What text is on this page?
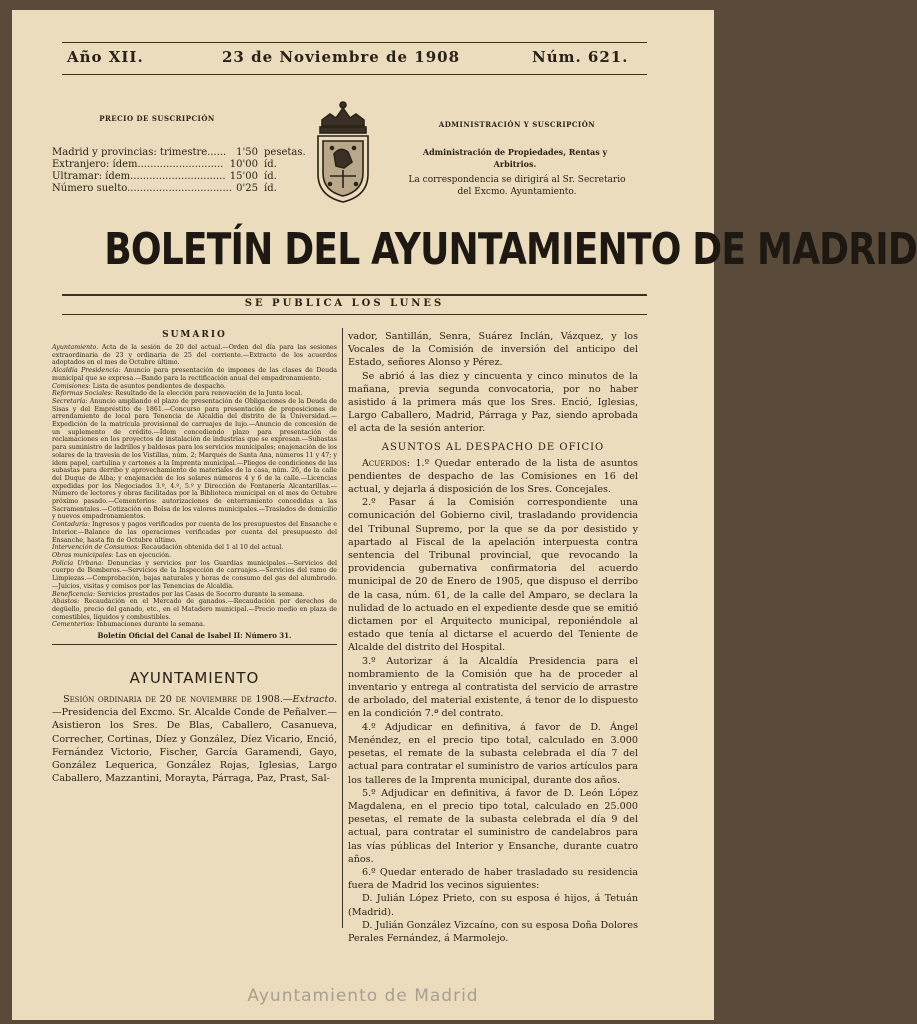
Año XII.	23 de Noviembre de 1908	Núm. 621.
PRECIO DE SUSCRIPCIÓN
Madrid y provincias: trimestre...... 1'50 pesetas.
Extranjero: ídem........................... 10'00 íd.
Ultramar: ídem.............................. 15'00 íd.
Número suelto................................. 0'25 íd.
ADMINISTRACIÓN Y SUSCRIPCIÓN
Administración de Propiedades, Rentas y Arbitrios.
La correspondencia se dirigirá al Sr. Secretario
del Excmo. Ayuntamiento.
BOLETÍN DEL AYUNTAMIENTO DE MADRID
SE PUBLICA LOS LUNES
SUMARIO

Ayuntamiento. Acta de la sesión de 20 del actual.—Orden del día para las sesiones extraordinaria de 23 y ordinaria de 25 del corriente.—Extracto de los acuerdos adoptados en el mes de Octubre último.

Alcaldía Presidencia: Anuncio para presentación de impones de las clases de Deuda municipal que se expresa.—Bando para la rectificación anual del empadronamiento.

Comisiones: Lista de asuntos pendientes de despacho.

Reformas Sociales: Resultado de la elección para renovación de la Junta local.

Secretaría: Anuncio ampliando el plazo de presentación de Obligaciones de la Deuda de Sisas y del Empréstito de 1861.—Concurso para presentación de proposiciones de arrendamiento de local para Tenencia de Alcaldía del distrito de la Universidad.—Expedición de la matrícula provisional de carruajes de lujo.—Anuncio de concesión de un suplemento de crédito.—Ídem concediendo plazo para presentación de reclamaciones en los proyectos de instalación de industrias que se expresan.—Subastas para suministro de ladrillos y baldosas para los servicios municipales; enajenación de los solares de la travesía de los Vistillas, núm. 2; Marqués de Santa Ana, números 11 y 47; y ídem papel, cartulina y cartones a la Imprenta municipal.—Pliegos de condiciones de las subastas para derribo y aprovechamiento de materiales de la casa, núm. 26, de la calle del Duque de Alba; y enajenación de los solares números 4 y 6 de la calle.—Licencias expedidas por los Negociados 3.º, 4.º, 5.º y Dirección de Fontanería Alcantarillas.—Número de lectores y obras facilitadas por la Biblioteca municipal en el mes de Octubre próximo pasado.—Cementerios: autorizaciones de enterramiento concedidas a las Sacramentales.—Cotización en Bolsa de los valores municipales.—Traslados de domicilio y nuevos empadronamientos.

Contaduría: Ingresos y pagos verificados por cuenta de los presupuestos del Ensanche e Interior.—Balance de las operaciones verificadas por cuenta del presupuesto del Ensanche, hasta fin de Octubre último.

Intervención de Consumos: Recaudación obtenida del 1 al 10 del actual.

Obras municipales: Las en ejecución.

Policía Urbana: Denuncias y servicios por los Guardias municipales.—Servicios del cuerpo de Bomberos.—Servicios de la Inspección de carruajes.—Servicios del ramo de Limpiezas.—Comprobación, bajas naturales y horas de consumo del gas del alumbrado.—Juicios, visitas y comisos por las Tenencias de Alcaldía.

Beneficencia: Servicios prestados por las Casas de Socorro durante la semana.

Abastos: Recaudación en el Mercado de ganados.—Recaudación por derechos de degüello, precio del ganado, etc., en el Matadero municipal.—Precio medio en plaza de comestibles, líquidos y combustibles.

Cementerios: Inhumaciones durante la semana.

Boletín Oficial del Canal de Isabel II: Número 31.
AYUNTAMIENTO

Sesión ordinaria de 20 de noviembre de 1908.—Extracto.—Presidencia del Excmo. Sr. Alcalde Conde de Peñalver.—Asistieron los Sres. De Blas, Caballero, Casanueva, Correcher, Cortinas, Díez y González, Díez Vicario, Enció, Fernández Victorio, Fischer, García Garamendi, Gayo, González Lequerica, González Rojas, Iglesias, Largo Caballero, Mazzantini, Morayta, Párraga, Paz, Prast, Sal-

vador, Santillán, Senra, Suárez Inclán, Vázquez, y los Vocales de la Comisión de inversión del anticipo del Estado, señores Alonso y Pérez.

Se abrió á las diez y cincuenta y cinco minutos de la mañana, previa segunda convocatoria, por no haber asistido á la primera más que los Sres. Enció, Iglesias, Largo Caballero, Madrid, Párraga y Paz, siendo aprobada el acta de la sesión anterior.

ASUNTOS AL DESPACHO DE OFICIO

Acuerdos: 1.º Quedar enterado de la lista de asuntos pendientes de despacho de las Comisiones en 16 del actual, y dejarla á disposición de los Sres. Concejales.

2.º Pasar á la Comisión correspondiente una comunicación del Gobierno civil, trasladando providencia del Tribunal Supremo, por la que se da por desistido y apartado al Fiscal de la apelación interpuesta contra sentencia del Tribunal provincial, que revocando la providencia gubernativa confirmatoria del acuerdo municipal de 20 de Enero de 1905, que dispuso el derribo de la casa, núm. 61, de la calle del Amparo, se declara la nulidad de lo actuado en el expediente desde que se emitió dictamen por el Arquitecto municipal, reponiéndole al estado que tenía al dictarse el acuerdo del Teniente de Alcalde del distrito del Hospital.

3.º Autorizar á la Alcaldía Presidencia para el nombramiento de la Comisión que ha de proceder al inventario y entrega al contratista del servicio de arrastre de arbolado, del material existente, á tenor de lo dispuesto en la condición 7.ª del contrato.

4.º Adjudicar en definitiva, á favor de D. Ángel Menéndez, en el precio tipo total, calculado en 3.000 pesetas, el remate de la subasta celebrada el día 7 del actual para contratar el suministro de varios artículos para los talleres de la Imprenta municipal, durante dos años.

5.º Adjudicar en definitiva, á favor de D. León López Magdalena, en el precio tipo total, calculado en 25.000 pesetas, el remate de la subasta celebrada el día 9 del actual, para contratar el suministro de candelabros para las vías públicas del Interior y Ensanche, durante cuatro años.

6.º Quedar enterado de haber trasladado su residencia fuera de Madrid los vecinos siguientes:

D. Julián López Prieto, con su esposa é hijos, á Tetuán (Madrid).

D. Julián González Vizcaíno, con su esposa Doña Dolores Perales Fernández, á Marmolejo.

Ayuntamiento de Madrid
